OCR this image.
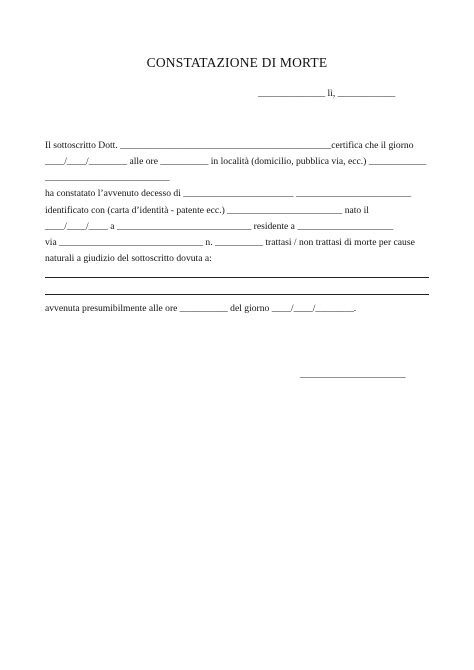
CONSTATAZIONE DI MORTE
______________ lì, ____________
Il sottoscritto Dott. ____________________________________________certifica che il giorno
____/____/________ alle ore __________ in località (domicilio, pubblica via, ecc.) ____________
__________________________
ha constatato l’avvenuto decesso di _______________________ ________________________
identificato con (carta d’identità - patente ecc.) ________________________ nato il
____/____/____ a ____________________________ residente a ____________________
via ______________________________ n. __________ trattasi / non trattasi di morte per cause
naturali a giudizio del sottoscritto dovuta a:
avvenuta presumibilmente alle ore __________ del giorno ____/____/________.
______________________
